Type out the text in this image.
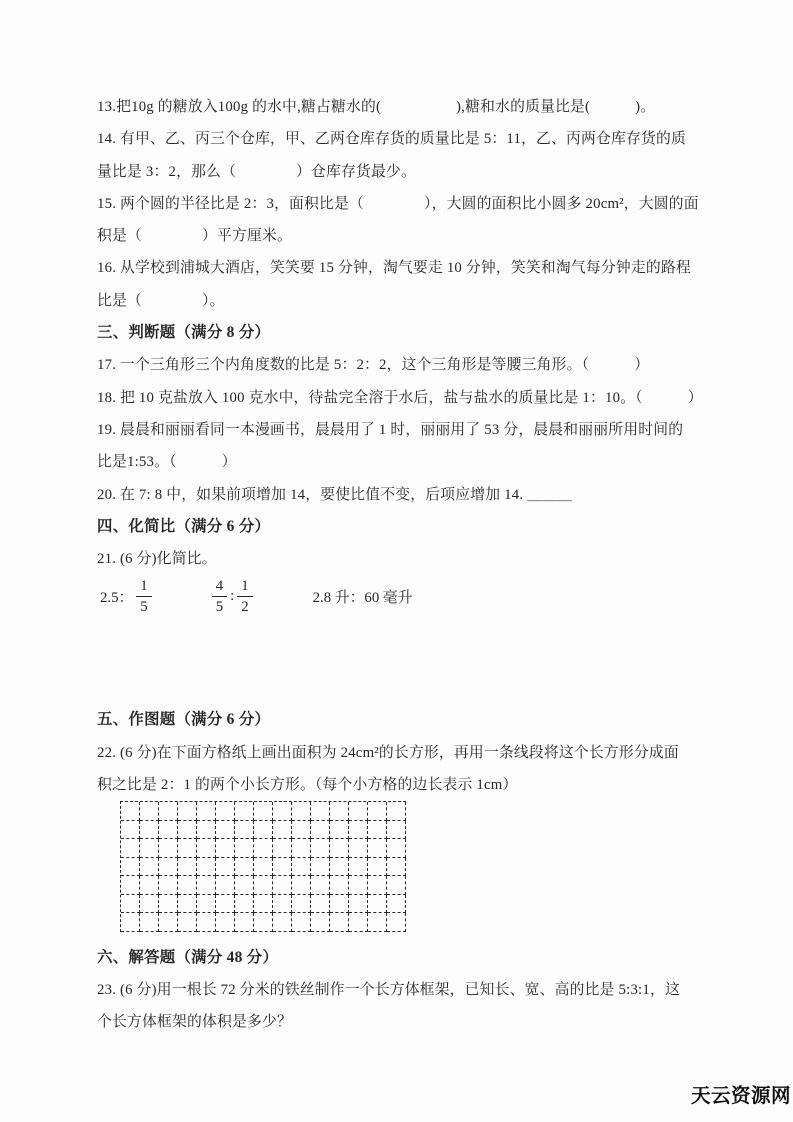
13.把10g 的糖放入100g 的水中,糖占糖水的(　　　　　),糖和水的质量比是(　　　)。

14. 有甲、乙、丙三个仓库，甲、乙两仓库存货的质量比是 5：11，乙、丙两仓库存货的质

量比是 3：2，那么（　　　　）仓库存货最少。

15. 两个圆的半径比是 2：3，面积比是（　　　　），大圆的面积比小圆多 20cm²，大圆的面

积是（　　　　）平方厘米。

16. 从学校到浦城大酒店，笑笑要 15 分钟，淘气要走 10 分钟，笑笑和淘气每分钟走的路程

比是（　　　　）。

三、判断题（满分 8 分）

17. 一个三角形三个内角度数的比是 5：2：2，这个三角形是等腰三角形。（　　　）

18. 把 10 克盐放入 100 克水中，待盐完全溶于水后，盐与盐水的质量比是 1：10。（　　　）

19. 晨晨和丽丽看同一本漫画书，晨晨用了 1 时，丽丽用了 53 分，晨晨和丽丽所用时间的

比是1:53。（　　　）

20. 在 7: 8 中，如果前项增加 14，要使比值不变，后项应增加 14. ＿＿＿

四、化简比（满分 6 分）

21. (6 分)化简比。

2.5： $\frac{1}{5}$	$\frac{4}{5}$ : $\frac{1}{2}$	2.8 升：60 毫升
五、作图题（满分 6 分）

22. (6 分)在下面方格纸上画出面积为 24cm²的长方形，再用一条线段将这个长方形分成面

积之比是 2：1 的两个小长方形。（每个小方格的边长表示 1cm）

六、解答题（满分 48 分）

23. (6 分)用一根长 72 分米的铁丝制作一个长方体框架，已知长、宽、高的比是 5:3:1，这

个长方体框架的体积是多少？

天云资源网
